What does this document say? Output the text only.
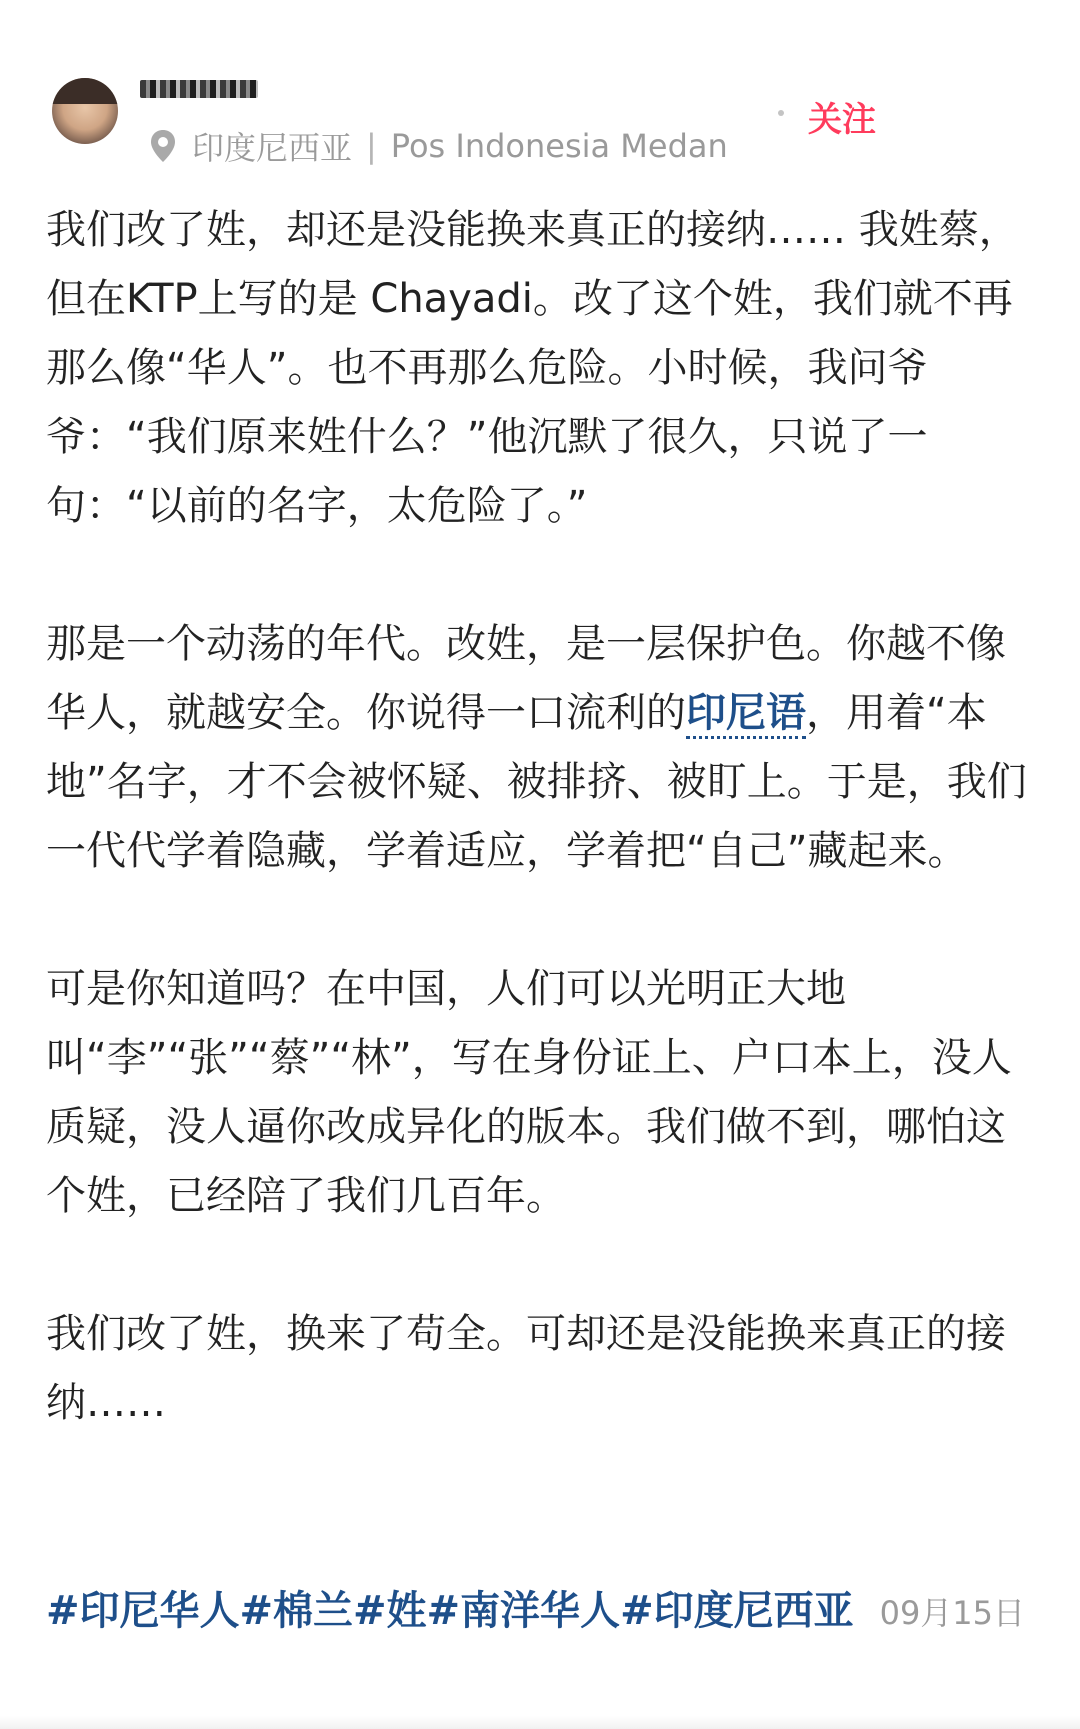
印度尼西亚 | Pos Indonesia Medan
关注

我们改了姓，却还是没能换来真正的接纳…… 我姓蔡，但在KTP上写的是 Chayadi。改了这个姓，我们就不再那么像“华人”。也不再那么危险。小时候，我问爷爷：“我们原来姓什么？”他沉默了很久，只说了一句：“以前的名字，太危险了。”

那是一个动荡的年代。改姓，是一层保护色。你越不像华人，就越安全。你说得一口流利的印尼语，用着“本地”名字，才不会被怀疑、被排挤、被盯上。于是，我们一代代学着隐藏，学着适应，学着把“自己”藏起来。

可是你知道吗？在中国，人们可以光明正大地叫“李”“张”“蔡”“林”，写在身份证上、户口本上，没人质疑，没人逼你改成异化的版本。我们做不到，哪怕这个姓，已经陪了我们几百年。

我们改了姓，换来了苟全。可却还是没能换来真正的接纳……

#印尼华人#棉兰#姓#南洋华人#印度尼西亚 09月15日
